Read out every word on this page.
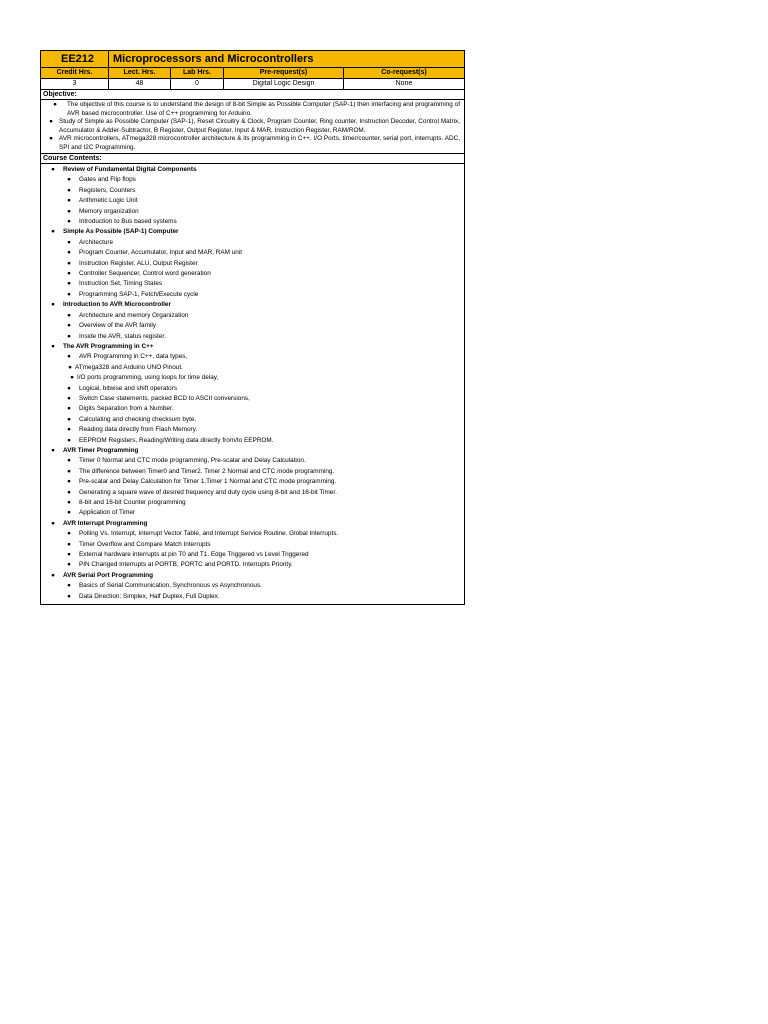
EE212	Microprocessors and Microcontrollers
Credit Hrs.	Lect. Hrs.	Lab Hrs.	Pre-request(s)	Co-request(s)
3	48	0	Digital Logic Design	None
Objective:
●	The objective of this course is to understand the design of 8-bit Simple as Possible Computer (SAP-1) then interfacing and programming of AVR based microcontroller. Use of C++ programming for Arduino.
● Study of Simple as Possible Computer (SAP-1), Reset Circuitry & Clock, Program Counter, Ring counter, Instruction Decoder, Control Matrix, Accumulator & Adder-Subtractor, B Register, Output Register, Input & MAR, Instruction Register, RAM/ROM.
● AVR microcontrollers, ATmega328 microcontroller architecture & its programming in C++. I/O Ports, timer/counter, serial port, interrupts. ADC, SPI and I2C Programming.
Course Contents:
●	Review of Fundamental Digital Components
●	Gates and Flip flops
●	Registers, Counters
●	Arithmetic Logic Unit
●	Memory organization
●	Introduction to Bus based systems
●	Simple As Possible (SAP-1) Computer
●	Architecture
●	Program Counter, Accumulator, Input and MAR, RAM unit
●	Instruction Register, ALU, Output Register
●	Controller Sequencer, Control word generation
●	Instruction Set, Timing States
●	Programming SAP-1, Fetch/Execute cycle
●	Introduction to AVR Microcontroller
●	Architecture and memory Organization
●	Overview of the AVR family
●	Inside the AVR, status register.
●	The AVR Programming in C++
●	AVR Programming in C++, data types,
● ATmega328 and Arduino UNO Pinout.
● I/O ports programming, using loops for time delay,
●	Logical, bitwise and shift operators
●	Switch Case statements, packed BCD to ASCII conversions,
●	Digits Separation from a Number.
●	Calculating and checking checksum byte.
●	Reading data directly from Flash Memory.
●	EEPROM Registers, Reading/Writing data directly from/to EEPROM.
●	AVR Timer Programming
●	Timer 0 Normal and CTC mode programming, Pre-scalar and Delay Calculation.
●	The difference between Timer0 and Timer2. Timer 2 Normal and CTC mode programming.
●	Pre-scalar and Delay Calculation for Timer 1.Timer 1 Normal and CTC mode programming.
●	Generating a square wave of desired frequency and duty cycle using 8-bit and 16-bit Timer.
●	8-bit and 16-bit Counter programming
●	Application of Timer
●	AVR Interrupt Programming
●	Polling Vs. Interrupt, Interrupt Vector Table, and Interrupt Service Routine. Global Interrupts.
●	Timer Overflow and Compare Match Interrupts
●	External hardware interrupts at pin T0 and T1. Edge Triggered vs Level Triggered
●	PIN Changed Interrupts at PORTB, PORTC and PORTD. Interrupts Priority.
●	AVR Serial Port Programming
●	Basics of Serial Communication, Synchronous vs Asynchronous.
●	Data Direction: Simplex, Half Duplex, Full Duplex.
